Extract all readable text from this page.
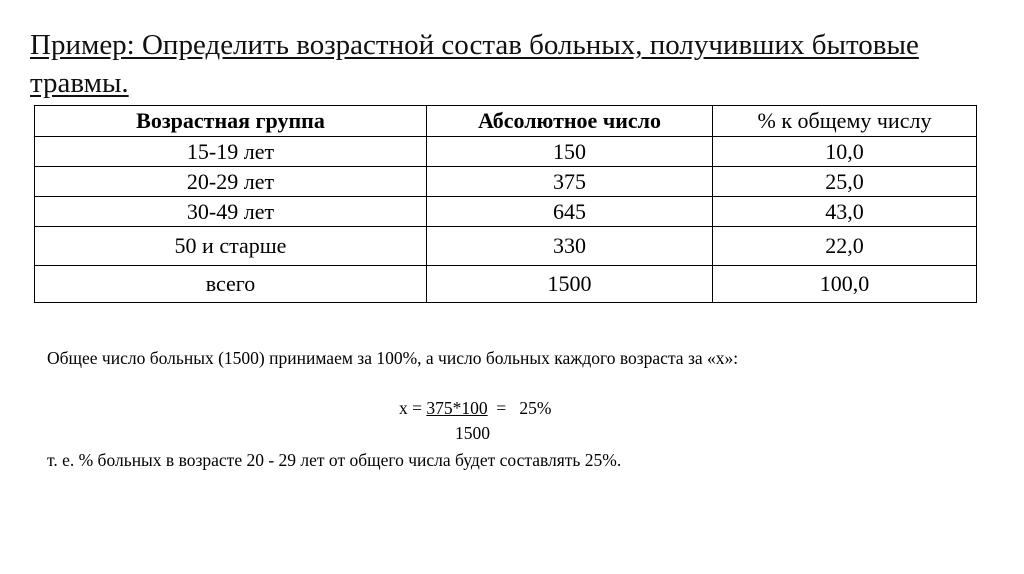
Пример: Определить возрастной состав больных, получивших бытовые травмы.
Возрастная группа	Абсолютное число	% к общему числу
15-19 лет	150	10,0
20-29 лет	375	25,0
30-49 лет	645	43,0
50 и старше	330	22,0
всего	1500	100,0
Общее число больных (1500) принимаем за 100%, а число больных каждого возраста за «х»:
х = 375*100  =   25%
1500
т. е. % больных в возрасте 20 - 29 лет от общего числа будет составлять 25%.
